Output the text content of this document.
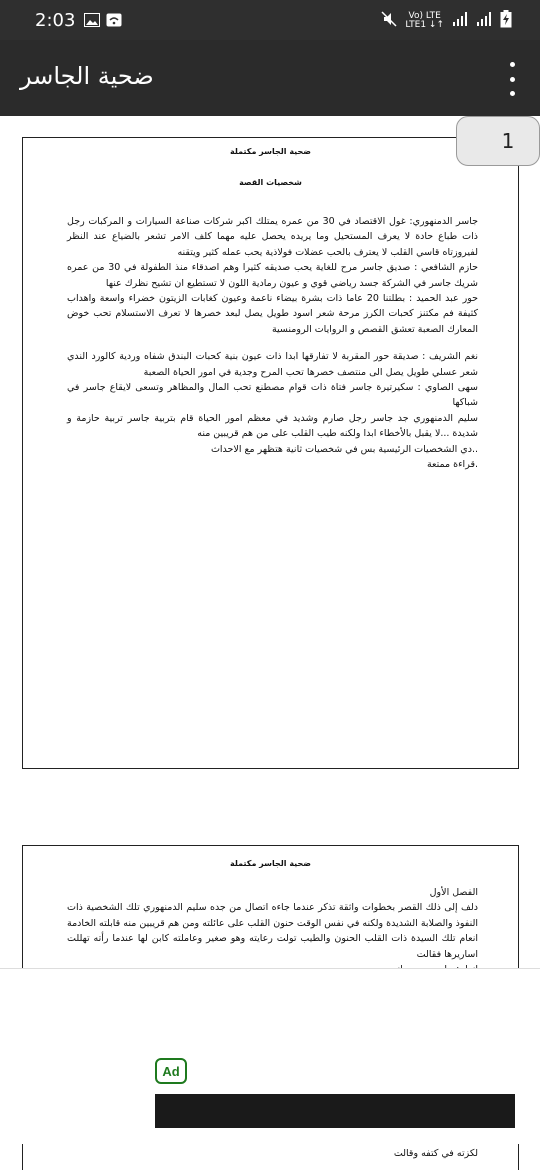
2:03	Vo) LTE
LTE1 ↓↑
ضحية الجاسر
ضحية الجاسر مكتملة
شخصيات القصة

جاسر الدمنهوري: غول الاقتصاد في 30 من عمره يمتلك اكبر شركات صناعة السيارات و المركبات رجل ذات طباع حادة لا يعرف المستحيل وما يريده يحصل عليه مهما كلف الامر تشعر بالضياع عند النظر لفيروزتاه قاسي القلب لا يعترف بالحب عضلات فولاذية يحب عمله كثير ويتقنه

حازم الشافعي : صديق جاسر مرح للغاية يحب صديقه كثيرا وهم اصدقاء منذ الطفولة في 30 من عمره شريك جاسر في الشركة جسد رياضي قوي و عيون رمادية اللون لا تستطيع ان تشيح نظرك عنها

حور عبد الحميد : بطلتنا 20 عاما ذات بشرة بيضاء ناعمة وعيون كغابات الزيتون خضراء واسعة واهداب كثيفة فم مكتنز كحبات الكرز مرحة شعر اسود طويل يصل لبعد خصرها لا تعرف الاستسلام تحب خوض المعارك الصعبة تعشق القصص و الروايات الرومنسية

نغم الشريف : صديقة حور المقربة لا تفارقها ابدا ذات عيون بنية كحبات البندق شفاه وردية كالورد الندي شعر عسلي طويل يصل الى منتصف خصرها تحب المرح وجدية في امور الحياة الصعبة

سهى الصاوي : سكيرتيرة جاسر فتاة ذات قوام مصطنع تحب المال والمظاهر وتسعى لايقاع جاسر في شباكها

سليم الدمنهوري جد جاسر رجل صارم وشديد في معظم امور الحياة قام بتربية جاسر تربية حازمة و شديدة ...لا يقبل بالأخطاء ابدا ولكنه طيب القلب على من هم قريبين منه

..دي الشخصيات الرئيسية بس في شخصيات ثانية هتظهر مع الاحداث

.قراءة ممتعة

ضحية الجاسر مكتملة

الفصل الأول

دلف إلى ذلك القصر بخطوات واثقة تذكر عندما جاءه اتصال من جده سليم الدمنهوري تلك الشخصية ذات النفوذ والصلابة الشديدة ولكنه في نفس الوقت حنون القلب على عائلته ومن هم قريبين منه قابلته الخادمة انعام تلك السيدة ذات القلب الحنون والطيب تولت رعايته وهو صغير وعاملته كابن لها عندما رأته تهللت اساريرها فقالت

Ad
لكزته في كتفه وقالت
1
